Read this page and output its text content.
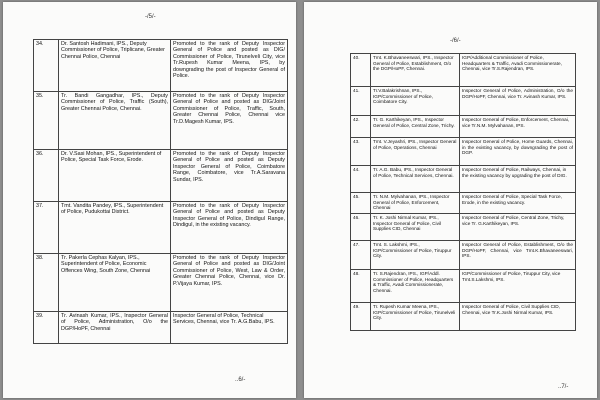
-/5/-
34.	Dr. Santosh Hadimani, IPS., Deputy Commissioner of Police, Triplicane, Greater Chennai Police, Chennai	Promoted to the rank of Deputy Inspector General of Police and posted as DIG/ Commissioner of Police, Tirunelveli City, vice Tr.Rupesh Kumar Meena, IPS, by downgrading the post of Inspector General of Police.
35.	Tr. Bandi Gangadhar, IPS., Deputy Commissioner of Police, Traffic (South), Greater Chennai Police, Chennai.	Promoted to the rank of Deputy Inspector General of Police and posted as DIG/Joint Commissioner of Police, Traffic, South, Greater Chennai Police, Chennai vice Tr.D.Magesh Kumar, IPS.
36.	Dr. V.Sasi Mohan, IPS., Superintendent of Police, Special Task Force, Erode.	Promoted to the rank of Deputy Inspector General of Police and posted as Deputy Inspector General of Police, Coimbatore Range, Coimbatore, vice Tr.A.Saravana Sundar, IPS.
37.	Tmt. Vandita Pandey, IPS., Superintendent of Police, Pudukottai District.	Promoted to the rank of Deputy Inspector General of Police and posted as Deputy Inspector General of Police, Dindigul Range, Dindigul, in the existing vacancy.
38.	Tr. Pakerla Cephas Kalyan, IPS., Superintendent of Police, Economic Offences Wing, South Zone, Chennai	Promoted to the rank of Deputy Inspector General of Police and posted as DIG/Joint Commissioner of Police, West, Law & Order, Greater Chennai Police, Chennai, vice Dr. P.Vijaya Kumar, IPS.
39.	Tr. Avinash Kumar, IPS., Inspector General of Police, Administration, O/o the DGP/HoPF, Chennai	Inspector General of Police, Technical Services, Chennai, vice Tr. A.G.Babu, IPS.
..6/-
-/6/-
40.	Tmt. K.Bhavaneeswari, IPS., Inspector General of Police, Establishment, O/o the DGP/HoPF, Chennai.	IGP/Additional Commissioner of Police, Headquarters & Traffic, Avadi Commissionerate, Chennai, vice Tr.S.Rajendran, IPS.
41.	Tr.V.Balakrishnan, IPS., IGP/Commissioner of Police, Coimbatore City.	Inspector General of Police, Administration, O/o the DGP/HoPF, Chennai, vice Tr. Avinash Kumar, IPS.
42.	Tr. G. Karthikeyan, IPS., Inspector General of Police, Central Zone, Trichy.	Inspector General of Police, Enforcement, Chennai, vice Tr.N.M. Mylvahanan, IPS.
43.	Tmt. V.Jeyashri, IPS., Inspector General of Police, Operations, Chennai	Inspector General of Police, Home Guards, Chennai, in the existing vacancy, by downgrading the post of DGP.
44.	Tr. A.G. Babu, IPS., Inspector General of Police, Technical Services, Chennai.	Inspector General of Police, Railways, Chennai, in the existing vacancy by upgrading the post of DIG.
45.	Tr. N.M. Mylvahanan, IPS., Inspector General of Police, Enforcement, Chennai	Inspector General of Police, Special Task Force, Erode, in the existing vacancy.
46.	Tr. K. Joshi Nirmal Kumar, IPS., Inspector General of Police, Civil Supplies CID, Chennai	Inspector General of Police, Central Zone, Trichy, vice Tr. G.Karthikeyan, IPS.
47.	Tmt. S. Lakshmi, IPS., IGP/Commissioner of Police, Tiruppur City.	Inspector General of Police, Establishment, O/o the DGP/HoPF, Chennai, vice Tmt.K.Bhavaneeswari, IPS.
48.	Tr. S.Rajendran, IPS., IGP/Addl. Commissioner of Police, Headquarters & Traffic, Avadi Commissionerate, Chennai.	IGP/Commissioner of Police, Tiruppur City, vice Tmt.S.Lakshmi, IPS.
49.	Tr. Rupesh Kumar Meena, IPS., IGP/Commissioner of Police, Tirunelveli City.	Inspector General of Police, Civil Supplies CID, Chennai, vice Tr.K.Joshi Nirmal Kumar, IPS.
..7/-
